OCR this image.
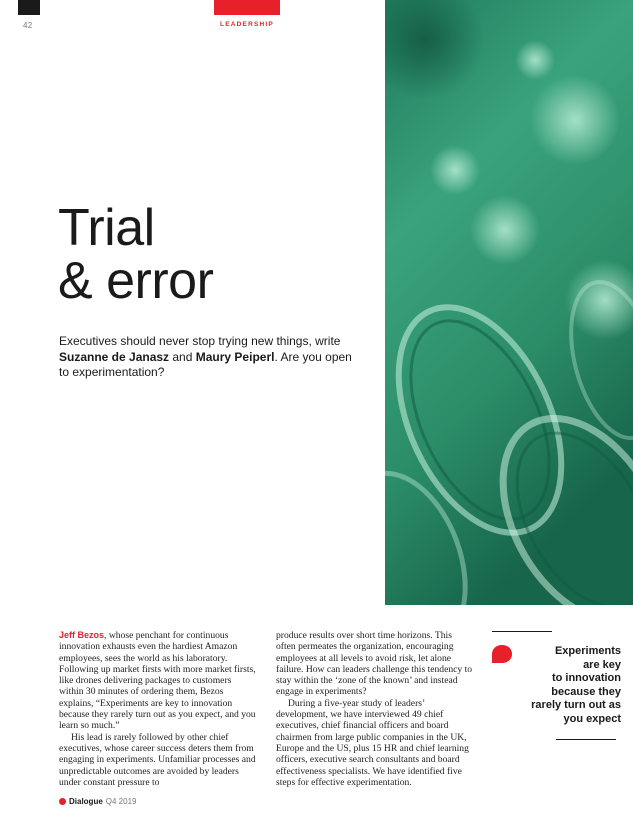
42	LEADERSHIP
Trial
& error
Executives should never stop trying new things, write Suzanne de Janasz and Maury Peiperl. Are you open to experimentation?

Jeff Bezos, whose penchant for continuous innovation exhausts even the hardiest Amazon employees, sees the world as his laboratory. Following up market firsts with more market firsts, like drones delivering packages to customers within 30 minutes of ordering them, Bezos explains, “Experiments are key to innovation because they rarely turn out as you expect, and you learn so much.”

His lead is rarely followed by other chief executives, whose career success deters them from engaging in experiments. Unfamiliar processes and unpredictable outcomes are avoided by leaders under constant pressure to

produce results over short time horizons. This often permeates the organization, encouraging employees at all levels to avoid risk, let alone failure. How can leaders challenge this tendency to stay within the ‘zone of the known’ and instead engage in experiments?

During a five-year study of leaders’ development, we have interviewed 49 chief executives, chief financial officers and board chairmen from large public companies in the UK, Europe and the US, plus 15 HR and chief learning officers, executive search consultants and board effectiveness specialists. We have identified five steps for effective experimentation.

Experiments
are key
to innovation
because they
rarely turn out as
you expect
Dialogue Q4 2019
